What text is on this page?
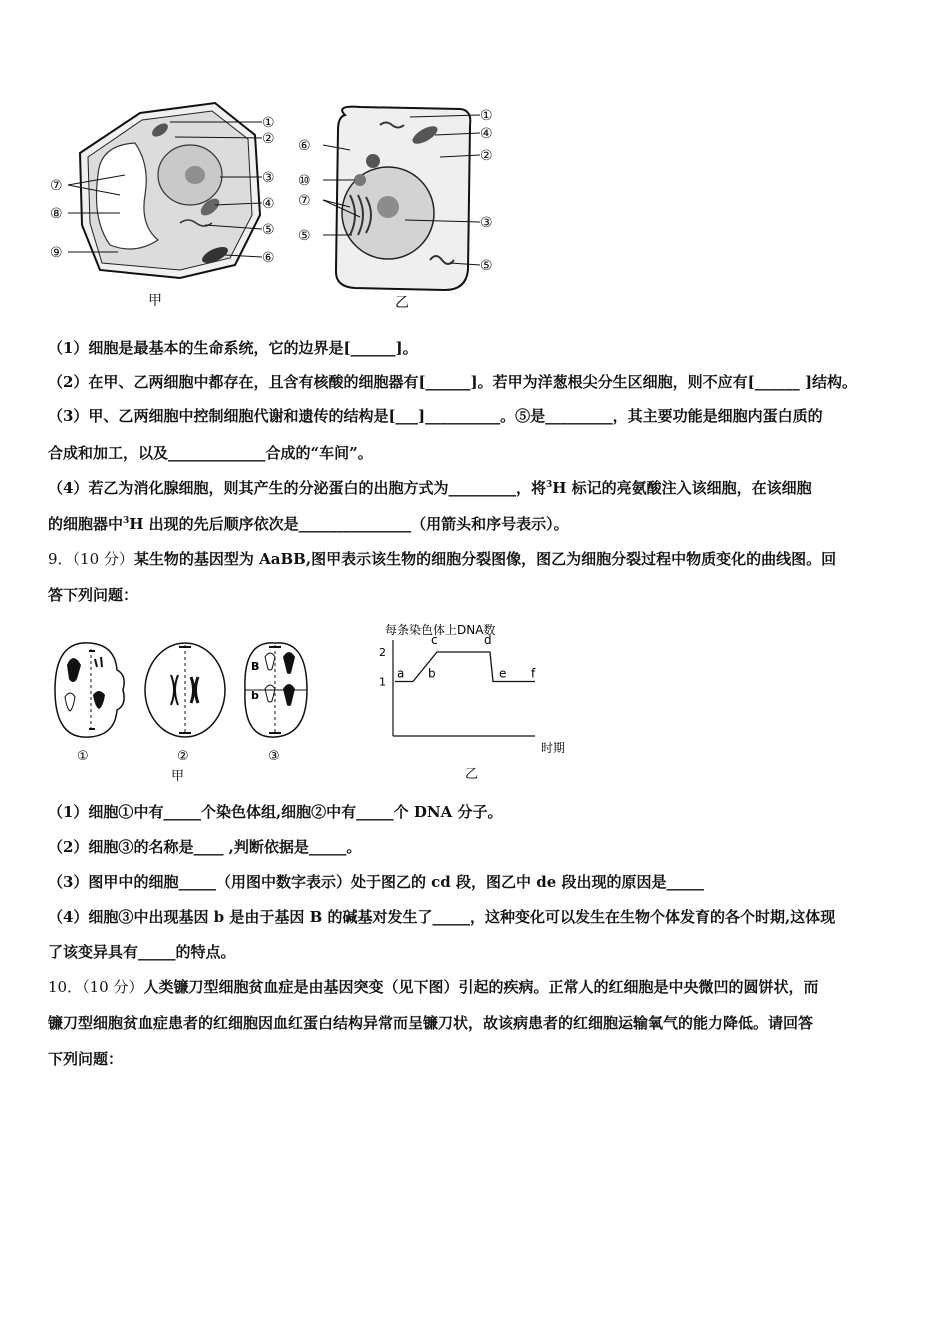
①
②
③
④
⑤
⑥
⑦
⑧
⑨
甲
①
④
②
③
⑤
⑥
⑩
⑦
⑤
乙
（1）细胞是最基本的生命系统，它的边界是[______]。
（2）在甲、乙两细胞中都存在，且含有核酸的细胞器有[______]。若甲为洋葱根尖分生区细胞，则不应有[______ ]结构。
（3）甲、乙两细胞中控制细胞代谢和遗传的结构是[___]__________。⑤是_________，其主要功能是细胞内蛋白质的
合成和加工，以及_____________合成的“车间”。
（4）若乙为消化腺细胞，则其产生的分泌蛋白的出胞方式为_________，将$^3$H 标记的亮氨酸注入该细胞，在该细胞
的细胞器中$^3$H 出现的先后顺序依次是_______________（用箭头和序号表示）。
9．（10 分）某生物的基因型为 AaBB,图甲表示该生物的细胞分裂图像，图乙为细胞分裂过程中物质变化的曲线图。回
答下列问题：
B
b
①	②	③
甲
每条染色体上DNA数
时期
1
2
a b
c	d
e f
乙
（1）细胞①中有_____个染色体组,细胞②中有_____个 DNA 分子。
（2）细胞③的名称是____ ,判断依据是_____。
（3）图甲中的细胞_____（用图中数字表示）处于图乙的 cd 段，图乙中 de 段出现的原因是_____
（4）细胞③中出现基因 b 是由于基因 B 的碱基对发生了_____，这种变化可以发生在生物个体发育的各个时期,这体现
了该变异具有_____的特点。
10．（10 分）人类镰刀型细胞贫血症是由基因突变（见下图）引起的疾病。正常人的红细胞是中央微凹的圆饼状，而
镰刀型细胞贫血症患者的红细胞因血红蛋白结构异常而呈镰刀状，故该病患者的红细胞运输氧气的能力降低。请回答
下列问题：
